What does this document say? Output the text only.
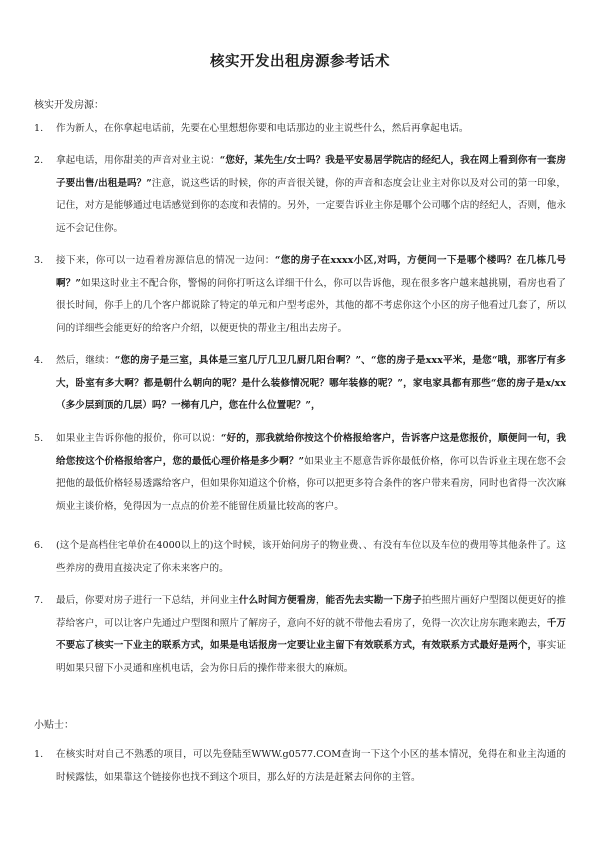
核实开发出租房源参考话术
核实开发房源：
1.	作为新人，在你拿起电话前，先要在心里想想你要和电话那边的业主说些什么，然后再拿起电话。
2.	拿起电话，用你甜美的声音对业主说：“您好，某先生/女士吗？我是平安易居学院店的经纪人，我在网上看到你有一套房子要出售/出租是吗？”注意，说这些话的时候，你的声音很关键，你的声音和态度会让业主对你以及对公司的第一印象，记住，对方是能够通过电话感觉到你的态度和表情的。另外，一定要告诉业主你是哪个公司哪个店的经纪人，否则，他永远不会记住你。
3.	接下来，你可以一边看着房源信息的情况一边问：“您的房子在xxxx小区,对吗，方便问一下是哪个楼吗？在几栋几号啊？”如果这时业主不配合你，警惕的问你打听这么详细干什么，你可以告诉他，现在很多客户越来越挑剔，看房也看了很长时间，你手上的几个客户都说除了特定的单元和户型考虑外，其他的都不考虑你这个小区的房子他看过几套了，所以问的详细些会能更好的给客户介绍，以便更快的帮业主/租出去房子。
4.	然后，继续：“您的房子是三室，具体是三室几厅几卫几厨几阳台啊？”、“您的房子是xxx平米，是您“哦，那客厅有多大，卧室有多大啊？都是朝什么朝向的呢？是什么装修情况呢？哪年装修的呢？”，家电家具都有那些“您的房子是x/xx（多少层到顶的几层）吗？一梯有几户，您在什么位置呢？”，
5.	如果业主告诉你他的报价，你可以说：“好的，那我就给你按这个价格报给客户，告诉客户这是您报价，顺便问一句，我给您按这个价格报给客户，您的最低心理价格是多少啊？”如果业主不愿意告诉你最低价格，你可以告诉业主现在您不会把他的最低价格轻易透露给客户，但如果你知道这个价格，你可以把更多符合条件的客户带来看房，同时也省得一次次麻烦业主谈价格，免得因为一点点的价差不能留住质量比较高的客户。
6.	(这个是高档住宅单价在4000以上的)这个时候，该开始问房子的物业费、、有没有车位以及车位的费用等其他条件了。这些养房的费用直接决定了你未来客户的。
7.	最后，你要对房子进行一下总结，并问业主什么时间方便看房，能否先去实勘一下房子拍些照片画好户型图以便更好的推荐给客户，可以让客户先通过户型图和照片了解房子，意向不好的就不带他去看房了，免得一次次让房东跑来跑去，千万不要忘了核实一下业主的联系方式，如果是电话报房一定要让业主留下有效联系方式，有效联系方式最好是两个，事实证明如果只留下小灵通和座机电话，会为你日后的操作带来很大的麻烦。
小贴士：
1.	在核实时对自己不熟悉的项目，可以先登陆至WWW.g0577.COM查询一下这个小区的基本情况，免得在和业主沟通的时候露怯，如果靠这个链接你也找不到这个项目，那么好的方法是赶紧去问你的主管。
